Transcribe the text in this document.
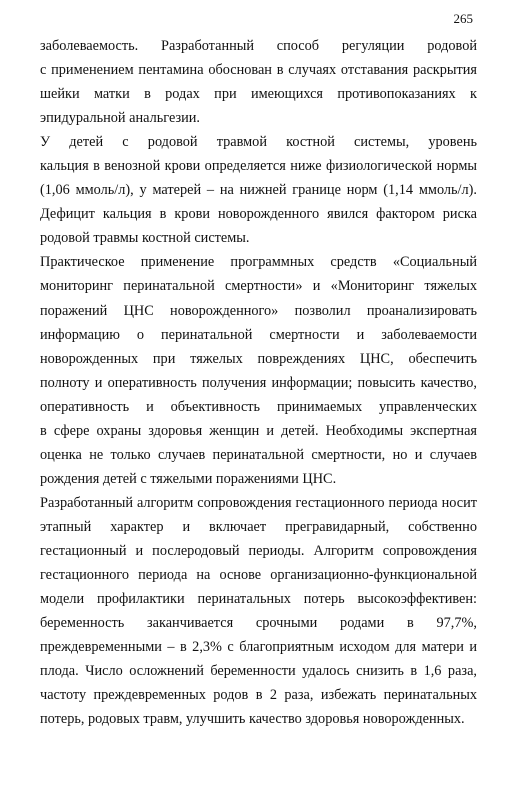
265
заболеваемость. Разработанный способ регуляции родовой
с применением пентамина обоснован в случаях отставания раскрытия
шейки матки в родах при имеющихся противопоказаниях к
эпидуральной анальгезии.
У детей с родовой травмой костной системы, уровень
кальция в венозной крови определяется ниже физиологической нормы
(1,06 ммоль/л), у матерей – на нижней границе норм (1,14 ммоль/л).
Дефицит кальция в крови новорожденного явился фактором риска
родовой травмы костной системы.
Практическое применение программных средств «Социальный
мониторинг перинатальной смертности» и «Мониторинг тяжелых
поражений ЦНС новорожденного» позволил проанализировать
информацию о перинатальной смертности и заболеваемости
новорожденных при тяжелых повреждениях ЦНС, обеспечить
полноту и оперативность получения информации; повысить качество,
оперативность и объективность принимаемых управленческих
в сфере охраны здоровья женщин и детей. Необходимы экспертная
оценка не только случаев перинатальной смертности, но и случаев
рождения детей с тяжелыми поражениями ЦНС.
Разработанный алгоритм сопровождения гестационного периода носит
этапный характер и включает прегравидарный, собственно
гестационный и послеродовый периоды. Алгоритм сопровождения
гестационного периода на основе организационно-функциональной
модели профилактики перинатальных потерь высокоэффективен:
беременность заканчивается срочными родами в 97,7%,
преждевременными – в 2,3% с благоприятным исходом для матери и
плода. Число осложнений беременности удалось снизить в 1,6 раза,
частоту преждевременных родов в 2 раза, избежать перинатальных
потерь, родовых травм, улучшить качество здоровья новорожденных.
